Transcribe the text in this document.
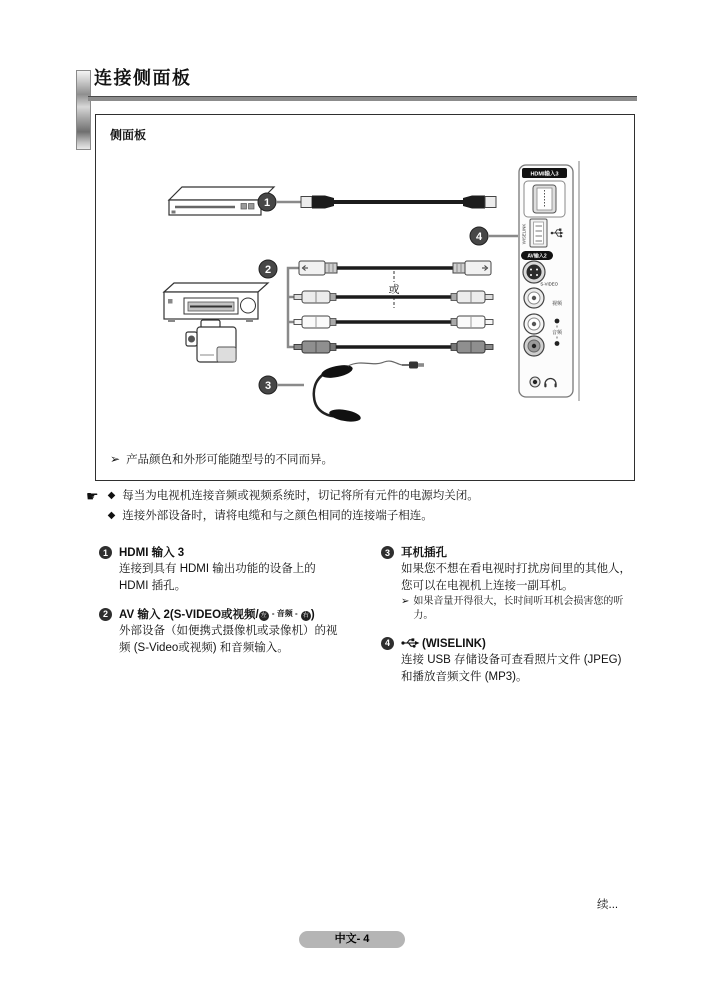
连接侧面板
侧面板
1
4
2
或
3
HDMI输入3
WISELINK
AV输入2
S-VIDEO
视频
音频
➢ 产品颜色和外形可能随型号的不同而异。
☛ ◆ 每当为电视机连接音频或视频系统时，切记将所有元件的电源均关闭。
◆ 连接外部设备时，请将电缆和与之颜色相同的连接端子相连。
1 HDMI 输入 3
连接到具有 HDMI 输出功能的设备上的
HDMI 插孔。
2 AV 输入 2(S-VIDEO或视频/ 左 - 音频 - 右 )
外部设备（如便携式摄像机或录像机）的视
频 (S-Video或视频) 和音频输入。
3 耳机插孔
如果您不想在看电视时打扰房间里的其他人，
您可以在电视机上连接一副耳机。
➢ 如果音量开得很大，长时间听耳机会损害您的听
力。
4	(WISELINK)
连接 USB 存储设备可查看照片文件 (JPEG)
和播放音频文件 (MP3)。
续...
中文- 4
